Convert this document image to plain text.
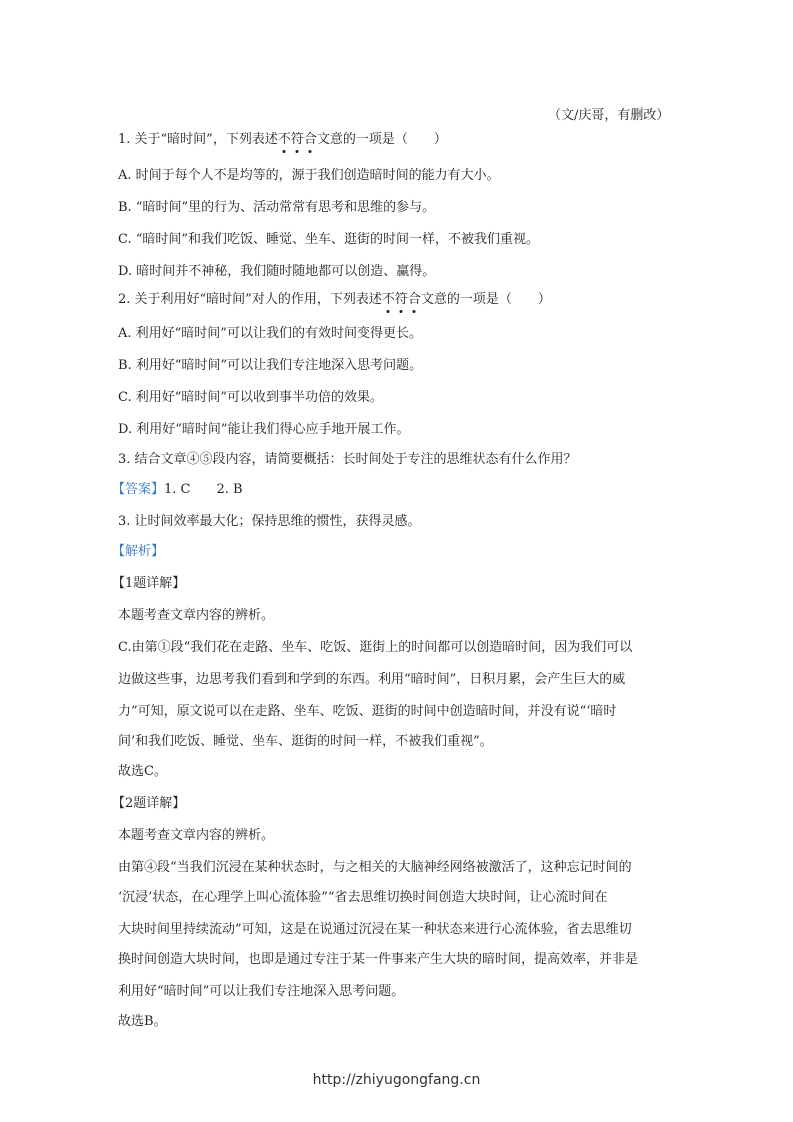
（文/庆哥，有删改）
1. 关于“暗时间”，下列表述不符合文意的一项是（　　）
A. 时间于每个人不是均等的，源于我们创造暗时间的能力有大小。
B. “暗时间”里的行为、活动常常有思考和思维的参与。
C. “暗时间”和我们吃饭、睡觉、坐车、逛街的时间一样，不被我们重视。
D. 暗时间并不神秘，我们随时随地都可以创造、赢得。
2. 关于利用好“暗时间”对人的作用，下列表述不符合文意的一项是（　　）
A. 利用好“暗时间”可以让我们的有效时间变得更长。
B. 利用好“暗时间”可以让我们专注地深入思考问题。
C. 利用好“暗时间”可以收到事半功倍的效果。
D. 利用好“暗时间”能让我们得心应手地开展工作。
3. 结合文章④⑤段内容，请简要概括：长时间处于专注的思维状态有什么作用？
【答案】1. C 2. B
3. 让时间效率最大化；保持思维的惯性，获得灵感。
【解析】
【1题详解】
本题考查文章内容的辨析。
C.由第①段“我们花在走路、坐车、吃饭、逛街上的时间都可以创造暗时间，因为我们可以
边做这些事，边思考我们看到和学到的东西。利用“暗时间”，日积月累，会产生巨大的威
力”可知，原文说可以在走路、坐车、吃饭、逛街的时间中创造暗时间，并没有说“‘暗时
间’和我们吃饭、睡觉、坐车、逛街的时间一样，不被我们重视”。
故选C。
【2题详解】
本题考查文章内容的辨析。
由第④段“当我们沉浸在某种状态时，与之相关的大脑神经网络被激活了，这种忘记时间的
‘沉浸’状态，在心理学上叫心流体验”“省去思维切换时间创造大块时间，让心流时间在
大块时间里持续流动”可知，这是在说通过沉浸在某一种状态来进行心流体验，省去思维切
换时间创造大块时间，也即是通过专注于某一件事来产生大块的暗时间，提高效率，并非是
利用好“暗时间”可以让我们专注地深入思考问题。
故选B。
http://zhiyugongfang.cn
